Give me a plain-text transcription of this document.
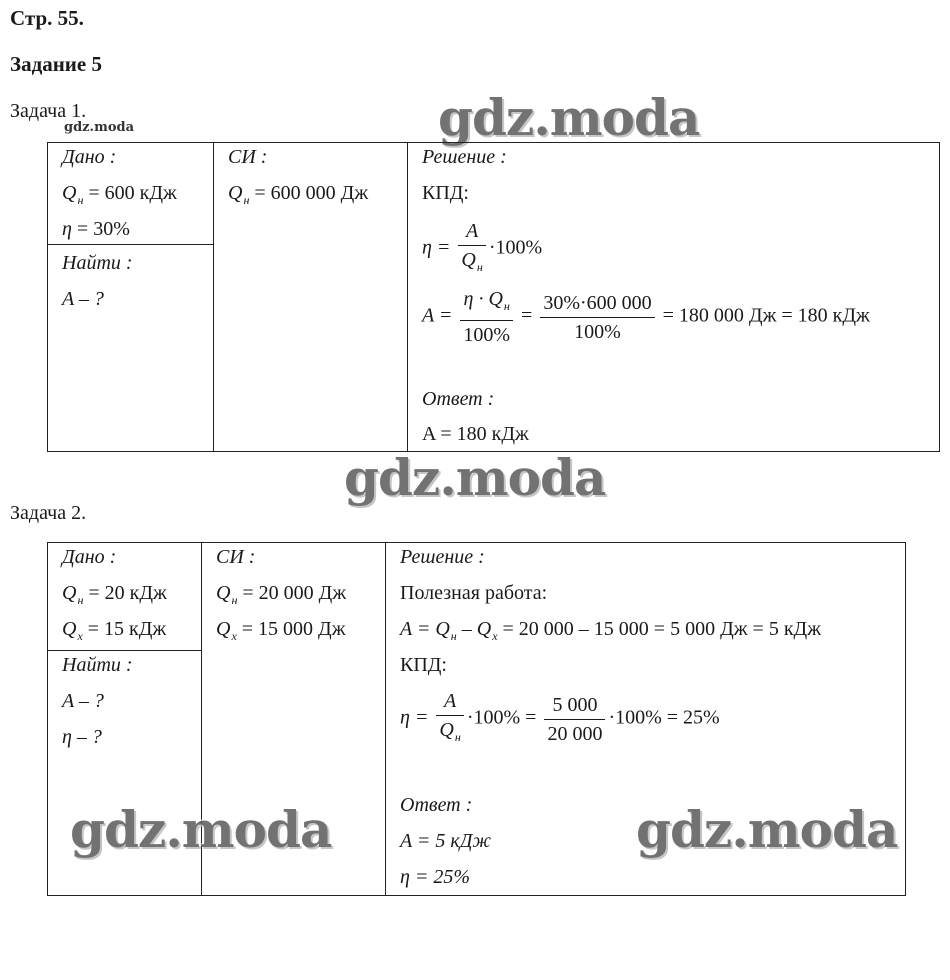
Стр. 55.
Задание 5
Задача 1.
gdz.moda	gdz.moda
Дано :
$Q_н = 600$ кДж
η = 30%
Найти :
A – ?
СИ :
$Q_н = 600$ 000 Дж
Решение :
КПД:
$\eta = \frac{A}{Q_н} \cdot 100\%$
$A = \frac{\eta \cdot Q_н}{100\%} = \frac{30\%\cdot 600 000}{100\%} = 180$ 000 Дж = 180 кДж
Ответ :
A = 180 кДж
gdz.moda
Задача 2.
Дано :
$Q_н = 20$ кДж
$Q_х = 15$ кДж
Найти :
A – ?
η – ?
СИ :
$Q_н = 20$ 000 Дж
$Q_х = 15$ 000 Дж
Решение :
Полезная работа:
$A = Q_н - Q_х = 20$ 000 – 15 000 = 5 000 Дж = 5 кДж
КПД:
$\eta = \frac{A}{Q_н} \cdot 100\% = \frac{5 000}{20 000} \cdot 100\% = 25\%$
Ответ :
A = 5 кДж
η = 25%
gdz.moda	gdz.moda
